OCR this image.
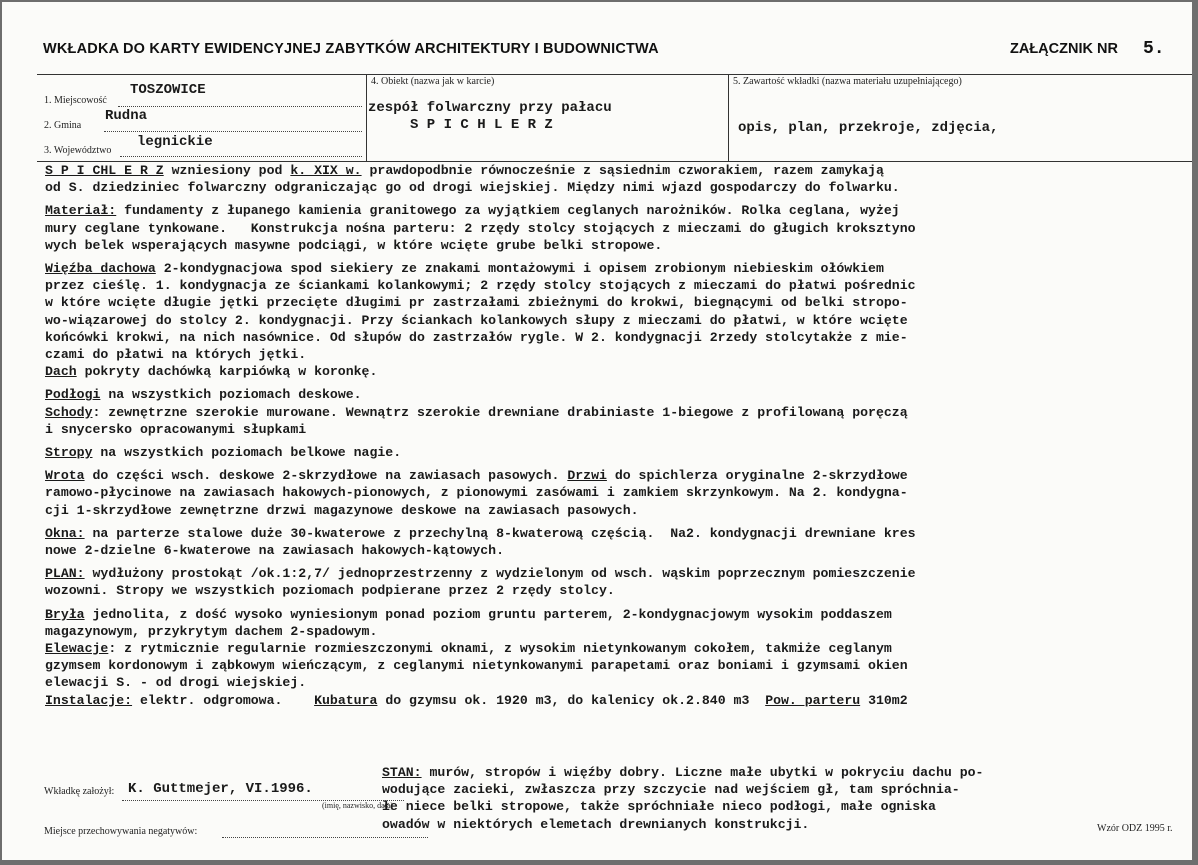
WKŁADKA DO KARTY EWIDENCYJNEJ ZABYTKÓW ARCHITEKTURY I BUDOWNICTWA	ZAŁĄCZNIK NR 5.
1. Miejscowość
TOSZOWICE
2. Gmina
Rudna
3. Województwo
legnickie
4. Obiekt (nazwa jak w karcie)
zespół folwarczny przy pałacu
S P I C H L E R Z
5. Zawartość wkładki (nazwa materiału uzupełniającego)
opis, plan, przekroje, zdjęcia,

S P I CHL E R Z wzniesiony pod k. XIX w. prawdopodbnie równocześnie z sąsiednim czworakiem, razem zamykają
od S. dziedziniec folwarczny odgraniczając go od drogi wiejskiej. Między nimi wjazd gospodarczy do folwarku.

Materiał: fundamenty z łupanego kamienia granitowego za wyjątkiem ceglanych narożników. Rolka ceglana, wyżej
mury ceglane tynkowane.   Konstrukcja nośna parteru: 2 rzędy stolcy stojących z mieczami do gługich kroksztyno
wych belek wsperających masywne podciągi, w które wcięte grube belki stropowe.

Więźba dachowa 2-kondygnacjowa spod siekiery ze znakami montażowymi i opisem zrobionym niebieskim ołówkiem
przez cieślę. 1. kondygnacja ze ściankami kolankowymi; 2 rzędy stolcy stojących z mieczami do płatwi pośrednic
w które wcięte długie jętki przecięte długimi pr zastrzałami zbieżnymi do krokwi, biegnącymi od belki stropo-
wo-wiązarowej do stolcy 2. kondygnacji. Przy ściankach kolankowych słupy z mieczami do płatwi, w które wcięte
końcówki krokwi, na nich nasównice. Od słupów do zastrzałów rygle. W 2. kondygnacji 2rzedy stolcytakże z mie-
czami do płatwi na których jętki.
Dach pokryty dachówką karpiówką w koronkę.

Podłogi na wszystkich poziomach deskowe.
Schody: zewnętrzne szerokie murowane. Wewnątrz szerokie drewniane drabiniaste 1-biegowe z profilowaną poręczą
i snycersko opracowanymi słupkami

Stropy na wszystkich poziomach belkowe nagie.

Wrota do części wsch. deskowe 2-skrzydłowe na zawiasach pasowych. Drzwi do spichlerza oryginalne 2-skrzydłowe
ramowo-płycinowe na zawiasach hakowych-pionowych, z pionowymi zasówami i zamkiem skrzynkowym. Na 2. kondygna-
cji 1-skrzydłowe zewnętrzne drzwi magazynowe deskowe na zawiasach pasowych.

Okna: na parterze stalowe duże 30-kwaterowe z przechylną 8-kwaterową częścią.  Na2. kondygnacji drewniane kres
nowe 2-dzielne 6-kwaterowe na zawiasach hakowych-kątowych.

PLAN: wydłużony prostokąt /ok.1:2,7/ jednoprzestrzenny z wydzielonym od wsch. wąskim poprzecznym pomieszczenie
wozowni. Stropy we wszystkich poziomach podpierane przez 2 rzędy stolcy.

Bryła jednolita, z dość wysoko wyniesionym ponad poziom gruntu parterem, 2-kondygnacjowym wysokim poddaszem
magazynowym, przykrytym dachem 2-spadowym.
Elewacje: z rytmicznie regularnie rozmieszczonymi oknami, z wysokim nietynkowanym cokołem, takmiże ceglanym
gzymsem kordonowym i ząbkowym wieńczącym, z ceglanymi nietynkowanymi parapetami oraz boniami i gzymsami okien
elewacji S. - od drogi wiejskiej.
Instalacje: elektr. odgromowa. Kubatura do gzymsu ok. 1920 m3, do kalenicy ok.2.840 m3 Pow. parteru 310m2

STAN: murów, stropów i więźby dobry. Liczne małe ubytki w pokryciu dachu po-
wodujące zacieki, zwłaszcza przy szczycie nad wejściem gł, tam spróchnia-
łe niece belki stropowe, także spróchniałe nieco podłogi, małe ogniska
owadów w niektórych elemetach drewnianych konstrukcji.
Wkładkę założył: K. Guttmejer, VI.1996.
(imię, nazwisko, data)
Miejsce przechowywania negatywów:	Wzór ODZ 1995 r.
